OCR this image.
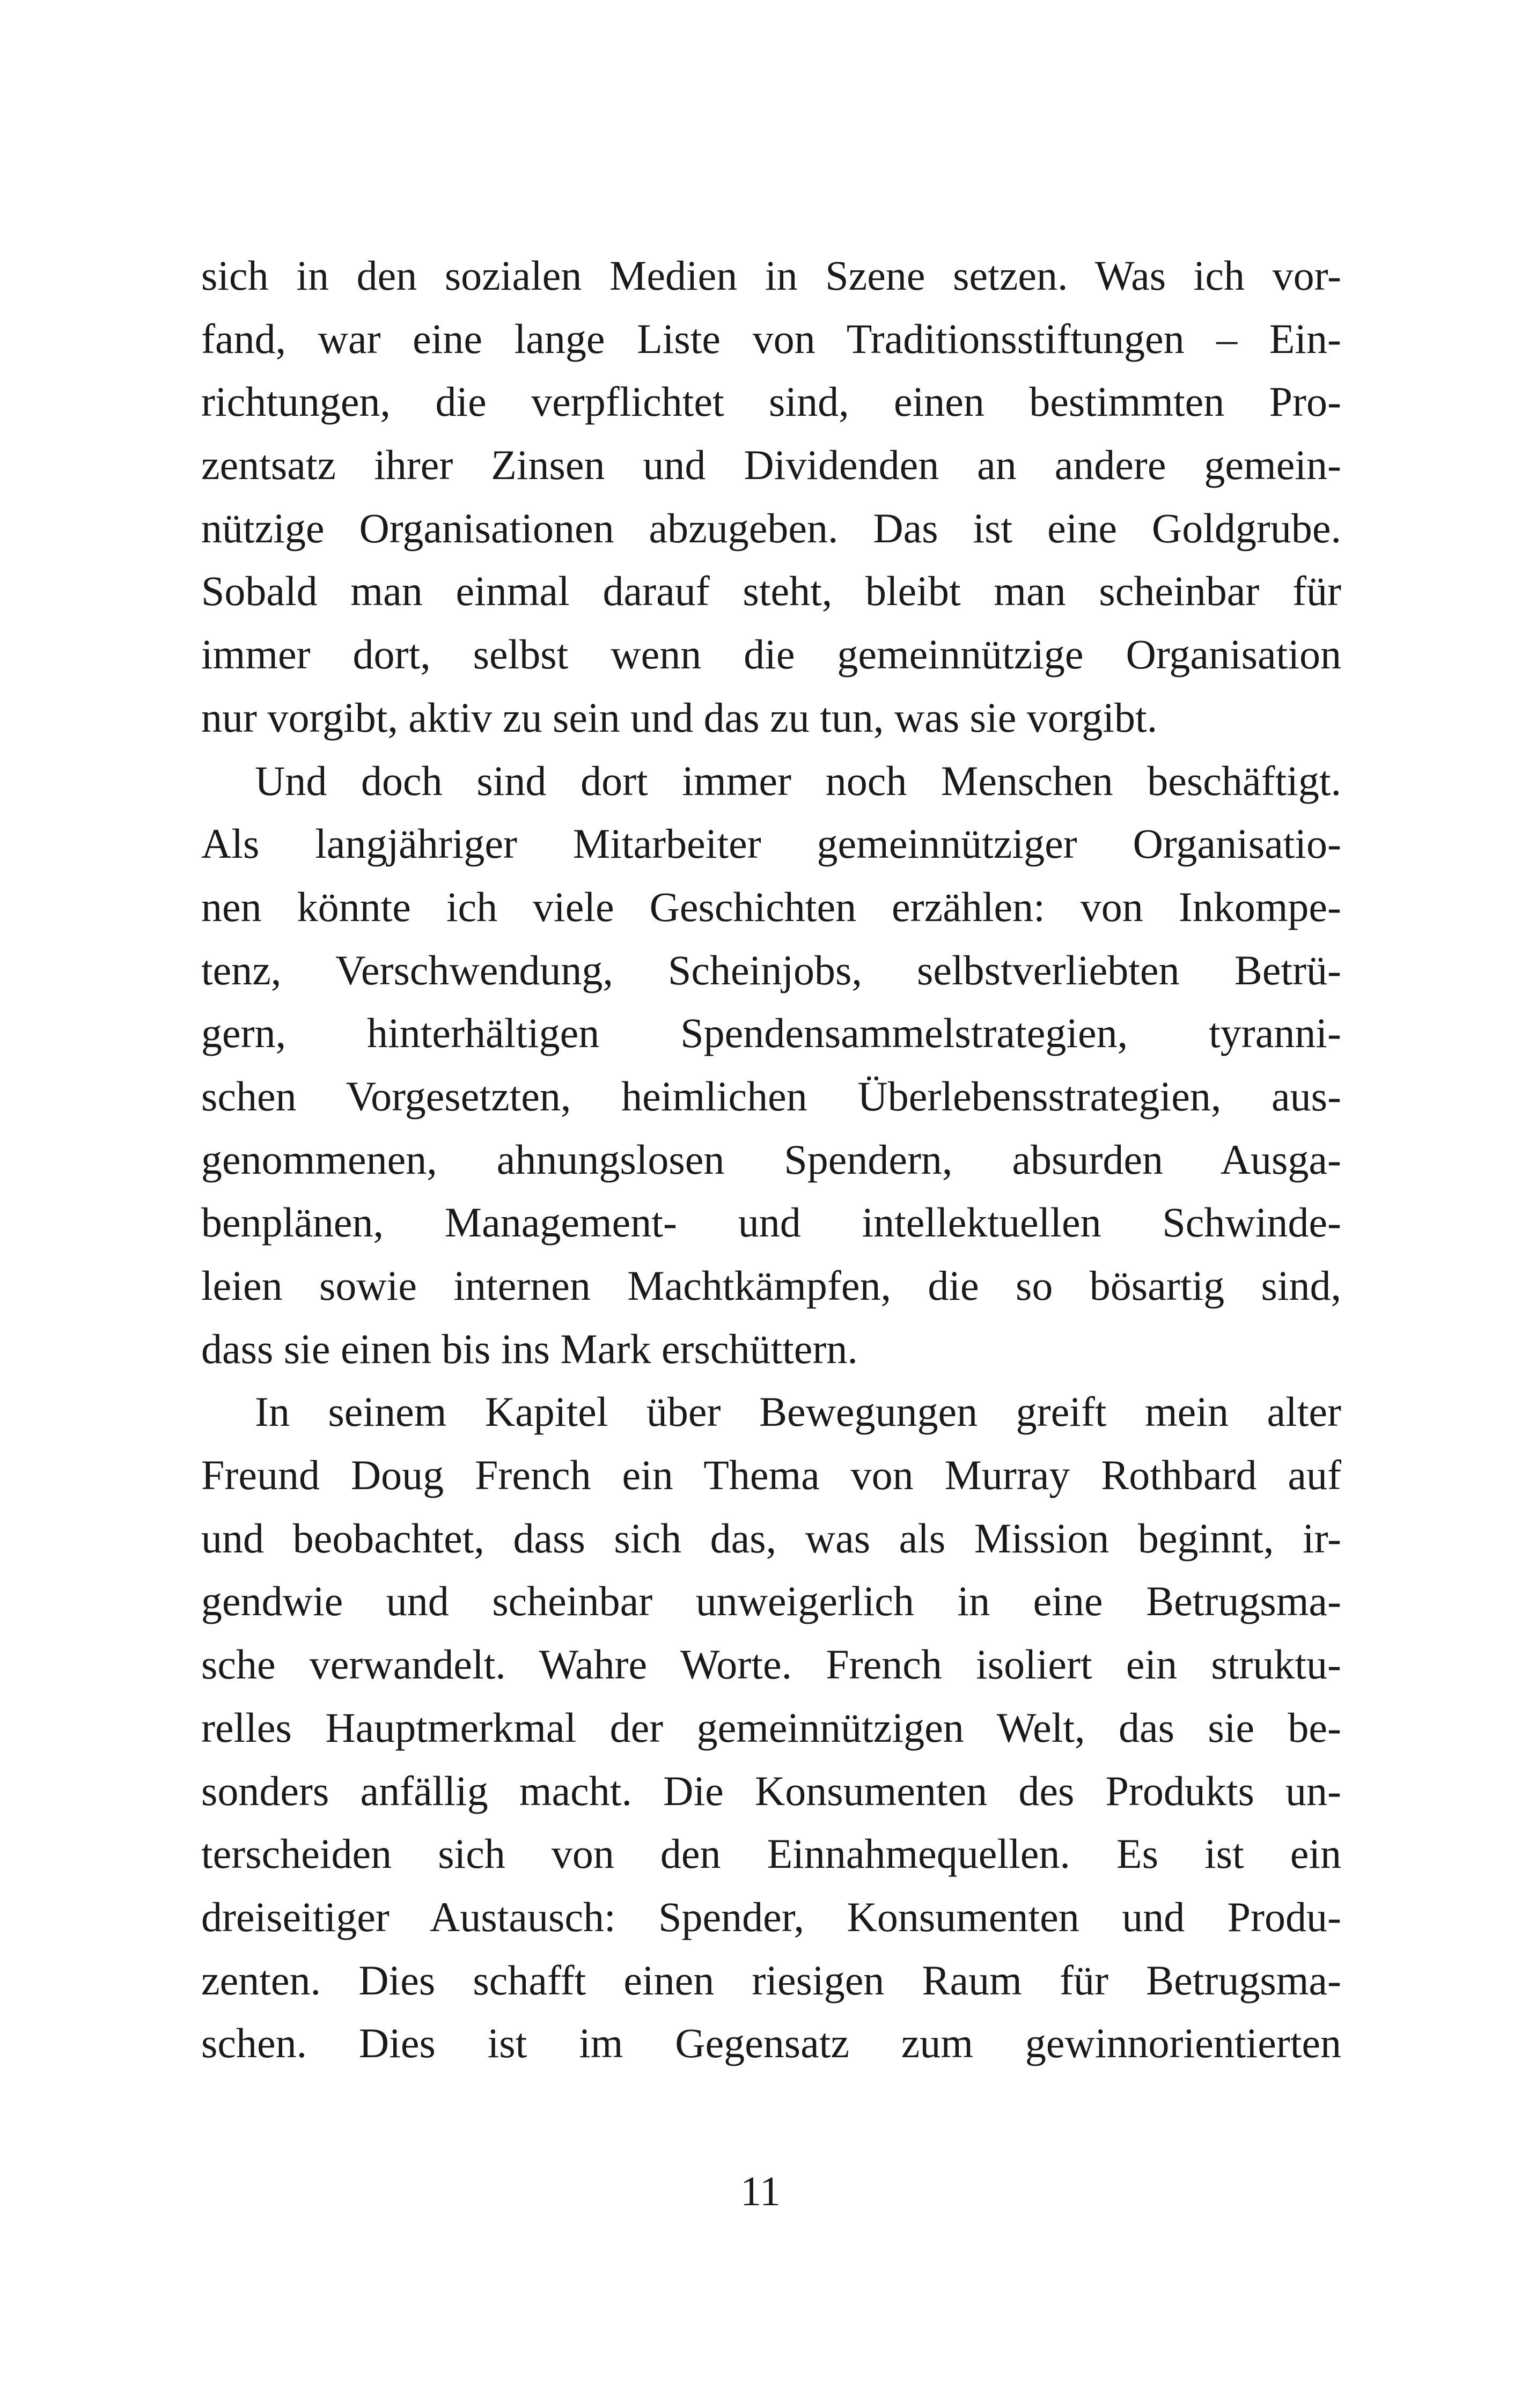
sich in den sozialen Medien in Szene setzen. Was ich vor-
fand, war eine lange Liste von Traditionsstiftungen – Ein-
richtungen, die verpflichtet sind, einen bestimmten Pro-
zentsatz ihrer Zinsen und Dividenden an andere gemein-
nützige Organisationen abzugeben. Das ist eine Goldgrube.
Sobald man einmal darauf steht, bleibt man scheinbar für
immer dort, selbst wenn die gemeinnützige Organisation
nur vorgibt, aktiv zu sein und das zu tun, was sie vorgibt.
Und doch sind dort immer noch Menschen beschäftigt.
Als langjähriger Mitarbeiter gemeinnütziger Organisatio-
nen könnte ich viele Geschichten erzählen: von Inkompe-
tenz, Verschwendung, Scheinjobs, selbstverliebten Betrü-
gern, hinterhältigen Spendensammelstrategien, tyranni-
schen Vorgesetzten, heimlichen Überlebensstrategien, aus-
genommenen, ahnungslosen Spendern, absurden Ausga-
benplänen, Management- und intellektuellen Schwinde-
leien sowie internen Machtkämpfen, die so bösartig sind,
dass sie einen bis ins Mark erschüttern.
In seinem Kapitel über Bewegungen greift mein alter
Freund Doug French ein Thema von Murray Rothbard auf
und beobachtet, dass sich das, was als Mission beginnt, ir-
gendwie und scheinbar unweigerlich in eine Betrugsma-
sche verwandelt. Wahre Worte. French isoliert ein struktu-
relles Hauptmerkmal der gemeinnützigen Welt, das sie be-
sonders anfällig macht. Die Konsumenten des Produkts un-
terscheiden sich von den Einnahmequellen. Es ist ein
dreiseitiger Austausch: Spender, Konsumenten und Produ-
zenten. Dies schafft einen riesigen Raum für Betrugsma-
schen. Dies ist im Gegensatz zum gewinnorientierten
11
